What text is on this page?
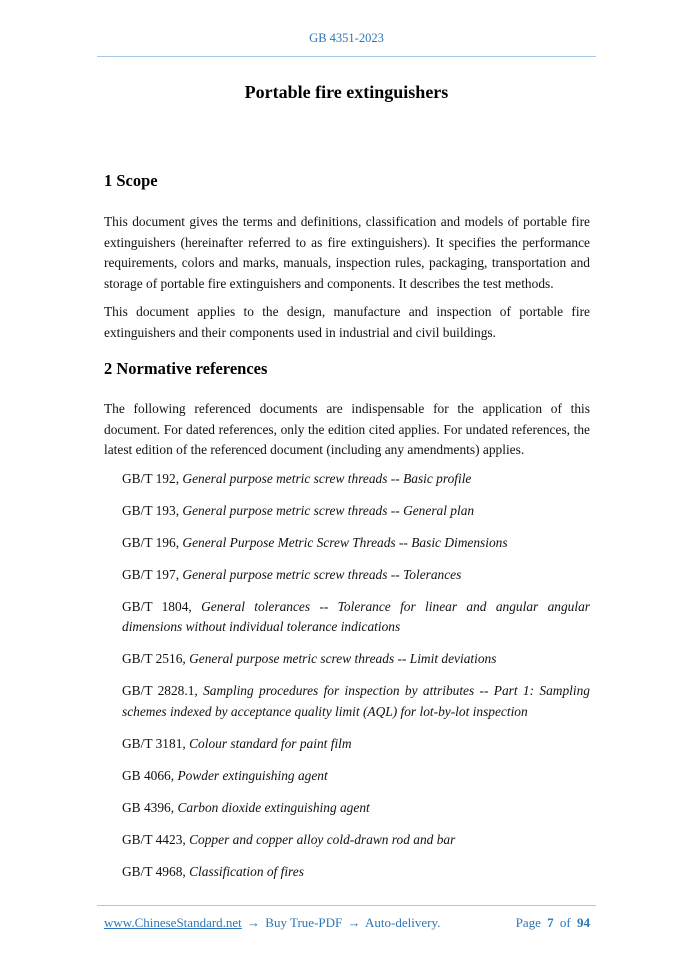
GB 4351-2023
Portable fire extinguishers
1 Scope

This document gives the terms and definitions, classification and models of portable fire extinguishers (hereinafter referred to as fire extinguishers). It specifies the performance requirements, colors and marks, manuals, inspection rules, packaging, transportation and storage of portable fire extinguishers and components. It describes the test methods.

This document applies to the design, manufacture and inspection of portable fire extinguishers and their components used in industrial and civil buildings.

2 Normative references

The following referenced documents are indispensable for the application of this document. For dated references, only the edition cited applies. For undated references, the latest edition of the referenced document (including any amendments) applies.

GB/T 192, General purpose metric screw threads -- Basic profile

GB/T 193, General purpose metric screw threads -- General plan

GB/T 196, General Purpose Metric Screw Threads -- Basic Dimensions

GB/T 197, General purpose metric screw threads -- Tolerances

GB/T 1804, General tolerances -- Tolerance for linear and angular angular dimensions without individual tolerance indications

GB/T 2516, General purpose metric screw threads -- Limit deviations

GB/T 2828.1, Sampling procedures for inspection by attributes -- Part 1: Sampling schemes indexed by acceptance quality limit (AQL) for lot-by-lot inspection

GB/T 3181, Colour standard for paint film

GB 4066, Powder extinguishing agent

GB 4396, Carbon dioxide extinguishing agent

GB/T 4423, Copper and copper alloy cold-drawn rod and bar

GB/T 4968, Classification of fires

www.ChineseStandard.net → Buy True-PDF → Auto-delivery.	Page 7 of 94
